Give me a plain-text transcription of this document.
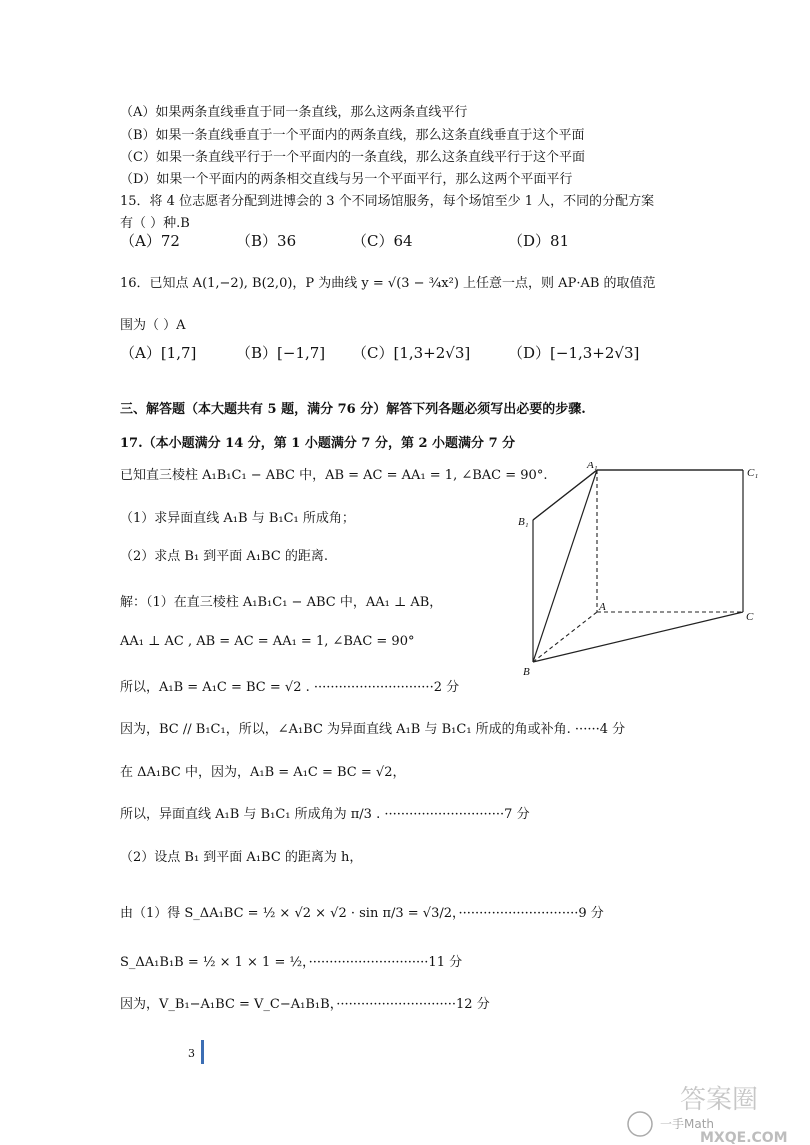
（A）如果两条直线垂直于同一条直线，那么这两条直线平行
（B）如果一条直线垂直于一个平面内的两条直线，那么这条直线垂直于这个平面
（C）如果一条直线平行于一个平面内的一条直线，那么这条直线平行于这个平面
（D）如果一个平面内的两条相交直线与另一个平面平行，那么这两个平面平行
15．将 4 位志愿者分配到进博会的 3 个不同场馆服务，每个场馆至少 1 人，不同的分配方案
有（ ）种.B
（A）72	（B）36	（C）64	（D）81
16．已知点 A(1,−2), B(2,0)，P 为曲线 y = √(3 − ¾x²) 上任意一点，则 AP·AB 的取值范
围为（ ）A
（A）[1,7]	（B）[−1,7] （C）[1,3+2√3]	（D）[−1,3+2√3]
三、解答题（本大题共有 5 题，满分 76 分）解答下列各题必须写出必要的步骤.
17.（本小题满分 14 分，第 1 小题满分 7 分，第 2 小题满分 7 分
已知直三棱柱 A₁B₁C₁ − ABC 中，AB = AC = AA₁ = 1, ∠BAC = 90°.
（1）求异面直线 A₁B 与 B₁C₁ 所成角；
（2）求点 B₁ 到平面 A₁BC 的距离.
解：（1）在直三棱柱 A₁B₁C₁ − ABC 中，AA₁ ⊥ AB，
AA₁ ⊥ AC , AB = AC = AA₁ = 1, ∠BAC = 90°
所以，A₁B = A₁C = BC = √2 . ·····························2 分
因为，BC // B₁C₁，所以，∠A₁BC 为异面直线 A₁B 与 B₁C₁ 所成的角或补角. ······4 分
在 ΔA₁BC 中，因为，A₁B = A₁C = BC = √2，
所以，异面直线 A₁B 与 B₁C₁ 所成角为 π/3 . ·····························7 分
（2）设点 B₁ 到平面 A₁BC 的距离为 h，
由（1）得 S_ΔA₁BC = ½ × √2 × √2 · sin π/3 = √3/2，·····························9 分
S_ΔA₁B₁B = ½ × 1 × 1 = ½，·····························11 分
因为，V_B₁−A₁BC = V_C−A₁B₁B，·····························12 分
A₁
C₁
B₁
A
C
B
3
答案圈
一手Math
MXQE.COM
